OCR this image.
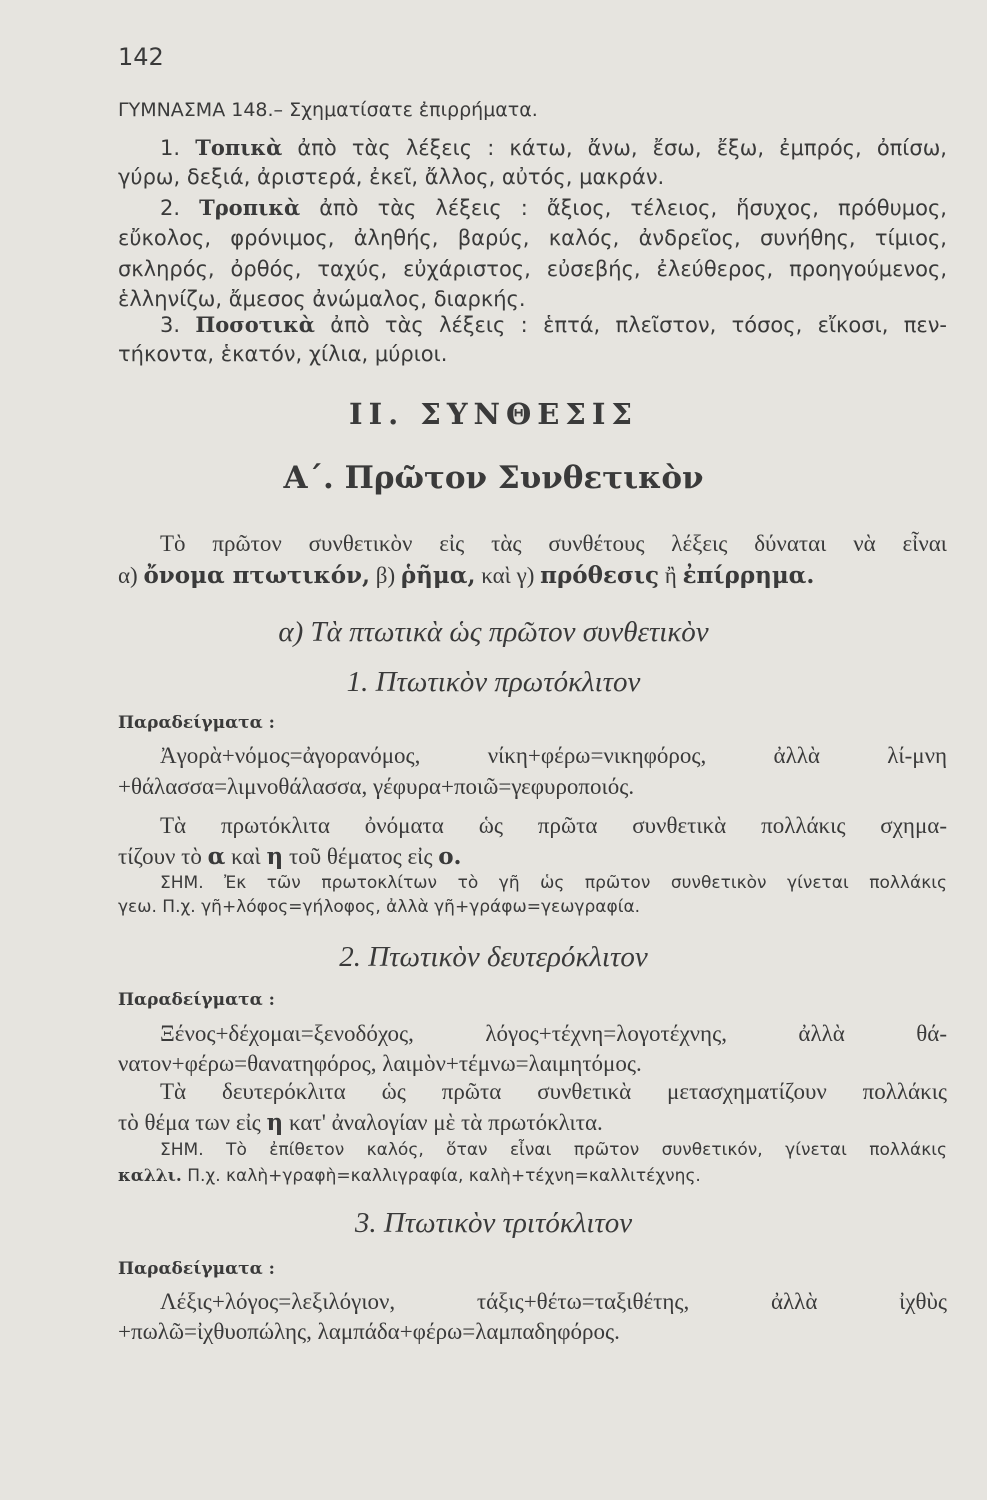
142
ΓΥΜΝΑΣΜΑ 148.– Σχηματίσατε ἐπιρρήματα.
1. Τοπικὰ ἀπὸ τὰς λέξεις : κάτω, ἄνω, ἔσω, ἔξω, ἐμπρός, ὀπίσω,
γύρω, δεξιά, ἀριστερά, ἐκεῖ, ἄλλος, αὐτός, μακράν.
2. Τροπικὰ ἀπὸ τὰς λέξεις : ἄξιος, τέλειος, ἥσυχος, πρόθυμος,
εὔκολος, φρόνιμος, ἀληθής, βαρύς, καλός, ἀνδρεῖος, συνήθης, τίμιος,
σκληρός, ὀρθός, ταχύς, εὐχάριστος, εὐσεβής, ἐλεύθερος, προηγούμενος,
ἑλληνίζω, ἄμεσος ἀνώμαλος, διαρκής.
3. Ποσοτικὰ ἀπὸ τὰς λέξεις : ἑπτά, πλεῖστον, τόσος, εἴκοσι, πεν-
τήκοντα, ἑκατόν, χίλια, μύριοι.
II. ΣΥΝΘΕΣΙΣ
Α΄. Πρῶτον Συνθετικὸν
Τὸ πρῶτον συνθετικὸν εἰς τὰς συνθέτους λέξεις δύναται νὰ εἶναι
α) ὄνομα πτωτικόν, β) ῥῆμα, καὶ γ) πρόθεσις ἢ ἐπίρρημα.
α) Τὰ πτωτικὰ ὡς πρῶτον συνθετικὸν
1. Πτωτικὸν πρωτόκλιτον
Παραδείγματα :
Ἀγορὰ+νόμος=ἀγορανόμος, νίκη+φέρω=νικηφόρος, ἀλλὰ λί-μνη
+θάλασσα=λιμνοθάλασσα, γέφυρα+ποιῶ=γεφυροποιός.
Τὰ πρωτόκλιτα ὀνόματα ὡς πρῶτα συνθετικὰ πολλάκις σχημα-
τίζουν τὸ α καὶ η τοῦ θέματος εἰς ο.
ΣΗΜ. Ἐκ τῶν πρωτοκλίτων τὸ γῆ ὡς πρῶτον συνθετικὸν γίνεται πολλάκις
γεω. Π.χ. γῆ+λόφος=γήλοφος, ἀλλὰ γῆ+γράφω=γεωγραφία.
2. Πτωτικὸν δευτερόκλιτον
Παραδείγματα :
Ξένος+δέχομαι=ξενοδόχος, λόγος+τέχνη=λογοτέχνης, ἀλλὰ θά-
νατον+φέρω=θανατηφόρος, λαιμὸν+τέμνω=λαιμητόμος.
Τὰ δευτερόκλιτα ὡς πρῶτα συνθετικὰ μετασχηματίζουν πολλάκις
τὸ θέμα των εἰς η κατ' ἀναλογίαν μὲ τὰ πρωτόκλιτα.
ΣΗΜ. Τὸ ἐπίθετον καλός, ὅταν εἶναι πρῶτον συνθετικόν, γίνεται πολλάκις
καλλι. Π.χ. καλὴ+γραφὴ=καλλιγραφία, καλὴ+τέχνη=καλλιτέχνης.
3. Πτωτικὸν τριτόκλιτον
Παραδείγματα :
Λέξις+λόγος=λεξιλόγιον, τάξις+θέτω=ταξιθέτης, ἀλλὰ ἰχθὺς
+πωλῶ=ἰχθυοπώλης, λαμπάδα+φέρω=λαμπαδηφόρος.
